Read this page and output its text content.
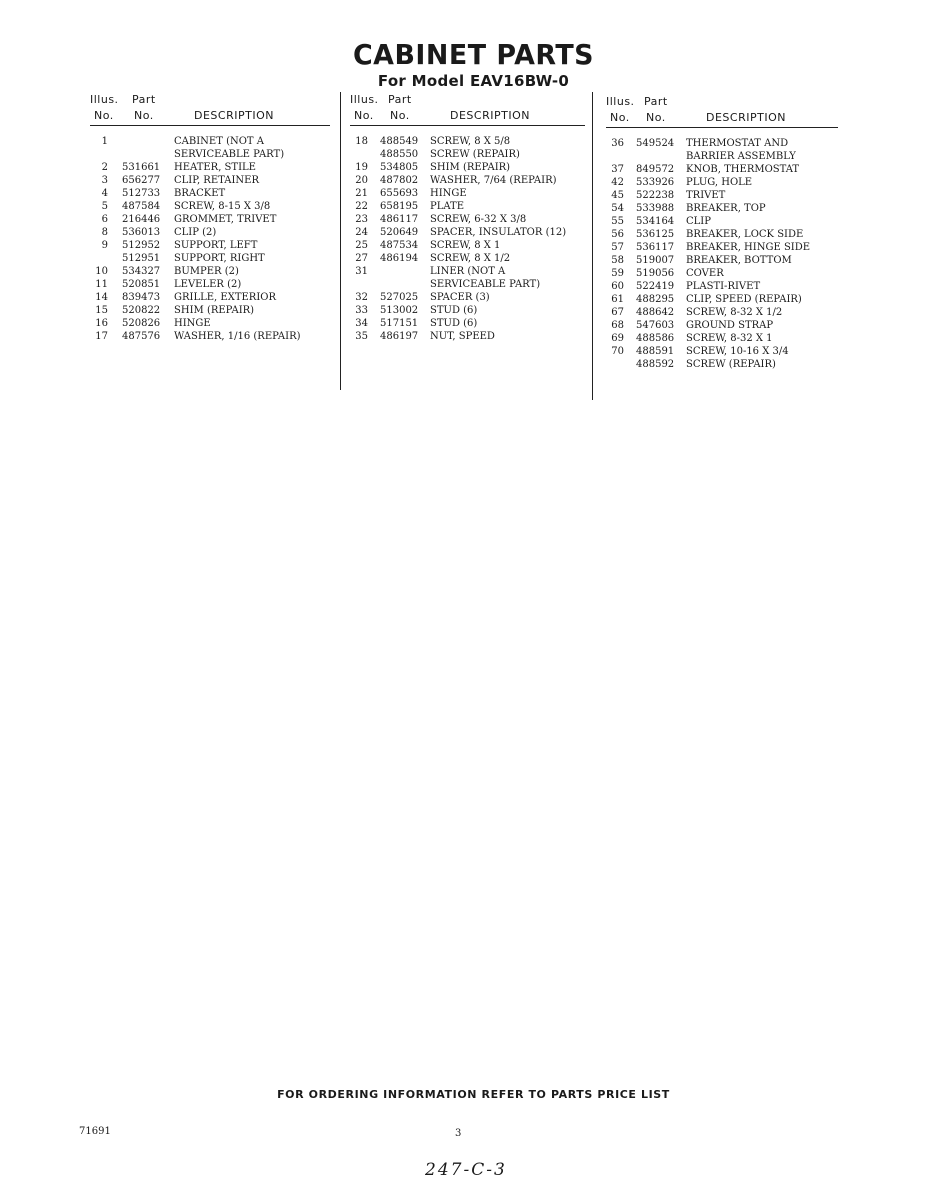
CABINET PARTS
For Model EAV16BW-0
Illus. Part
No. No.	DESCRIPTION
1	CABINET (NOT A
SERVICEABLE PART)
2 531661 HEATER, STILE
3 656277 CLIP, RETAINER
4 512733 BRACKET
5 487584 SCREW, 8-15 X 3/8
6 216446 GROMMET, TRIVET
8 536013 CLIP (2)
9 512952 SUPPORT, LEFT
512951 SUPPORT, RIGHT
10 534327 BUMPER (2)
11 520851 LEVELER (2)
14 839473 GRILLE, EXTERIOR
15 520822 SHIM (REPAIR)
16 520826 HINGE
17 487576 WASHER, 1/16 (REPAIR)
Illus. Part
No. No.	DESCRIPTION
18 488549 SCREW, 8 X 5/8
488550 SCREW (REPAIR)
19 534805 SHIM (REPAIR)
20 487802 WASHER, 7/64 (REPAIR)
21 655693 HINGE
22 658195 PLATE
23 486117 SCREW, 6-32 X 3/8
24 520649 SPACER, INSULATOR (12)
25 487534 SCREW, 8 X 1
27 486194 SCREW, 8 X 1/2
31	LINER (NOT A
SERVICEABLE PART)
32 527025 SPACER (3)
33 513002 STUD (6)
34 517151 STUD (6)
35 486197 NUT, SPEED
Illus. Part
No. No.	DESCRIPTION
36 549524 THERMOSTAT AND
BARRIER ASSEMBLY
37 849572 KNOB, THERMOSTAT
42 533926 PLUG, HOLE
45 522238 TRIVET
54 533988 BREAKER, TOP
55 534164 CLIP
56 536125 BREAKER, LOCK SIDE
57 536117 BREAKER, HINGE SIDE
58 519007 BREAKER, BOTTOM
59 519056 COVER
60 522419 PLASTI-RIVET
61 488295 CLIP, SPEED (REPAIR)
67 488642 SCREW, 8-32 X 1/2
68 547603 GROUND STRAP
69 488586 SCREW, 8-32 X 1
70 488591 SCREW, 10-16 X 3/4
488592 SCREW (REPAIR)
FOR ORDERING INFORMATION REFER TO PARTS PRICE LIST
71691	3
247-C-3
